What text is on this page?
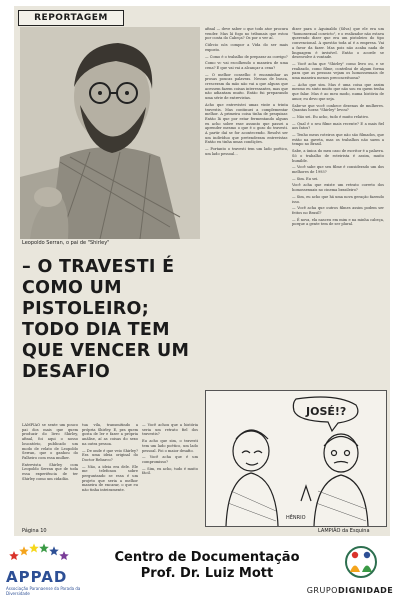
REPORTAGEM
Leopoldo Serran, o pai de "Shirley"
– O TRAVESTI É COMO UM PISTOLEIRO; TODO DIA TEM QUE VENCER UM DESAFIO

afinal — deve saber o que todo ator procura vender. Mas lá fogo no tribunais que estou por conta do Cabeça? Os por o ver aí.

Cúlrcio nós compor a Vida do ser mais exposto.

— Como é o trabalho de preparar as corrigo?

Como vc vai escolhendo o maneira de uma cena? E que vai vai a alcançar a cena?

— O melhor conselho é encaminhar as prosas poucas palavras. Nessas de busca, cresceram da mão não vai a que alguns que acessem fazem coisas interessantes, mas que não adiantam muito. Então fui preparando uma série de entrevistas.

Acho que entrevistei umas vinte a trinta travestis. Mas continuei a complementar melhor. A primeira coisa tinha de pesquisar. Então lá que por estar fermentando alguns eu acho sobre esse assunto que passei a aprender mesmo o que é o gozo do travesti. A partir daí se for acontecendo. Resolvi ser um indivíduo que pretenderam entrevistar. Então eu tinha umas condições.

— Portanto o travesti tem um lado poético, um lado pessoal...

dizer para o Aguinaldo (Silva) que ele era um "homossexual convicto", e o realizador não estava querendo dizer que era um pistoleiro do tipo convencional. A questão toda aí é a empresa. Vai a favor da fazer. Mas pois não acaba nada de linguagem é invisível. Então o acorde se desenvolve à vontade.

— Você acha que "Shirley" como livro ou, e se realizado, como filme, contribui de algum forma para que as pessoas vejam os homossexuais de uma maneira menos preconceituosa?

— Acho que sim. Mas é uma coisa que assim mesmo eu sinto muito que não sou eu quem tenha que falar. Mas é ao meu modo, numa história de amor, eu devo que seja.

Sabe-se que você conhece dezenas de mulheres. Quantas horas "Shirley" levou?

— Não sei. Eu acho, tudo é muito relativo.

— Qual é o seu filme mais recente? E a mais fiel aos fatos?

— Tenho meus roteiros que não são filmados, que estão na gaveta, mas os trabalhos não saem a tempo no Brasil.

Sabe, a única do meu caso de escritor é a palavra. Só o trabalho de roteirista é assim, muito humilde.

— Você sabe que seu filme é considerado um dos melhores de 1993?

— Sim. Eu sei.

Você acha que existe um retrato correto dos homossexuais no cinema brasileiro?

— Sim, eu acho que há uma nova geração fazendo isso.

— Você acha que outros filmes assim podem ser feitos no Brasil?

— É nova, ela nasceu em mim e na minha cabeça, porque a gente tem de ser plural.

LAMPIÃO se sente um pouco pai dos mais que quem produzir do livro Shirley, afinal, foi aqui o nosso loucatório, publicado um modo de relato de Leopoldo Serran, que o ganhou do Palheiro com essa mulher.

Entrevista Shirley com Leopoldo Serran que de toda essa experiência de ter Shirley como um cidadão.

tua vila, transmitindo a própria Shirley. E, pra quem gosta de ler e fazer a própria análise, aí as coisas do sexo na outra pessoa.

— De onde é que veio Shirley? Era uma ideia original do Doctor Rebarco?

— Não, a ideia era dele. Ele me telefonou sobre perguntando se essa é um projeto que seria a melhor maneira de encarar, o que eu não tinha inteiramente.

— Você achou que a história seria um retrato fiel dos travestis?

Eu acho que sim, o travesti tem um lado poético, um lado pessoal. Foi o maior desafio.

— Você acha que é um compromisso?

— Sim, eu acho, tudo é muito fácil.

Página 10
JOSÉ!?
HÊNRIO
LAMPIÃO da Esquina
APPAD
Associação Paranaense da Parada da Diversidade
Centro de Documentação
Prof. Dr. Luiz Mott
GRUPODIGNIDADE
